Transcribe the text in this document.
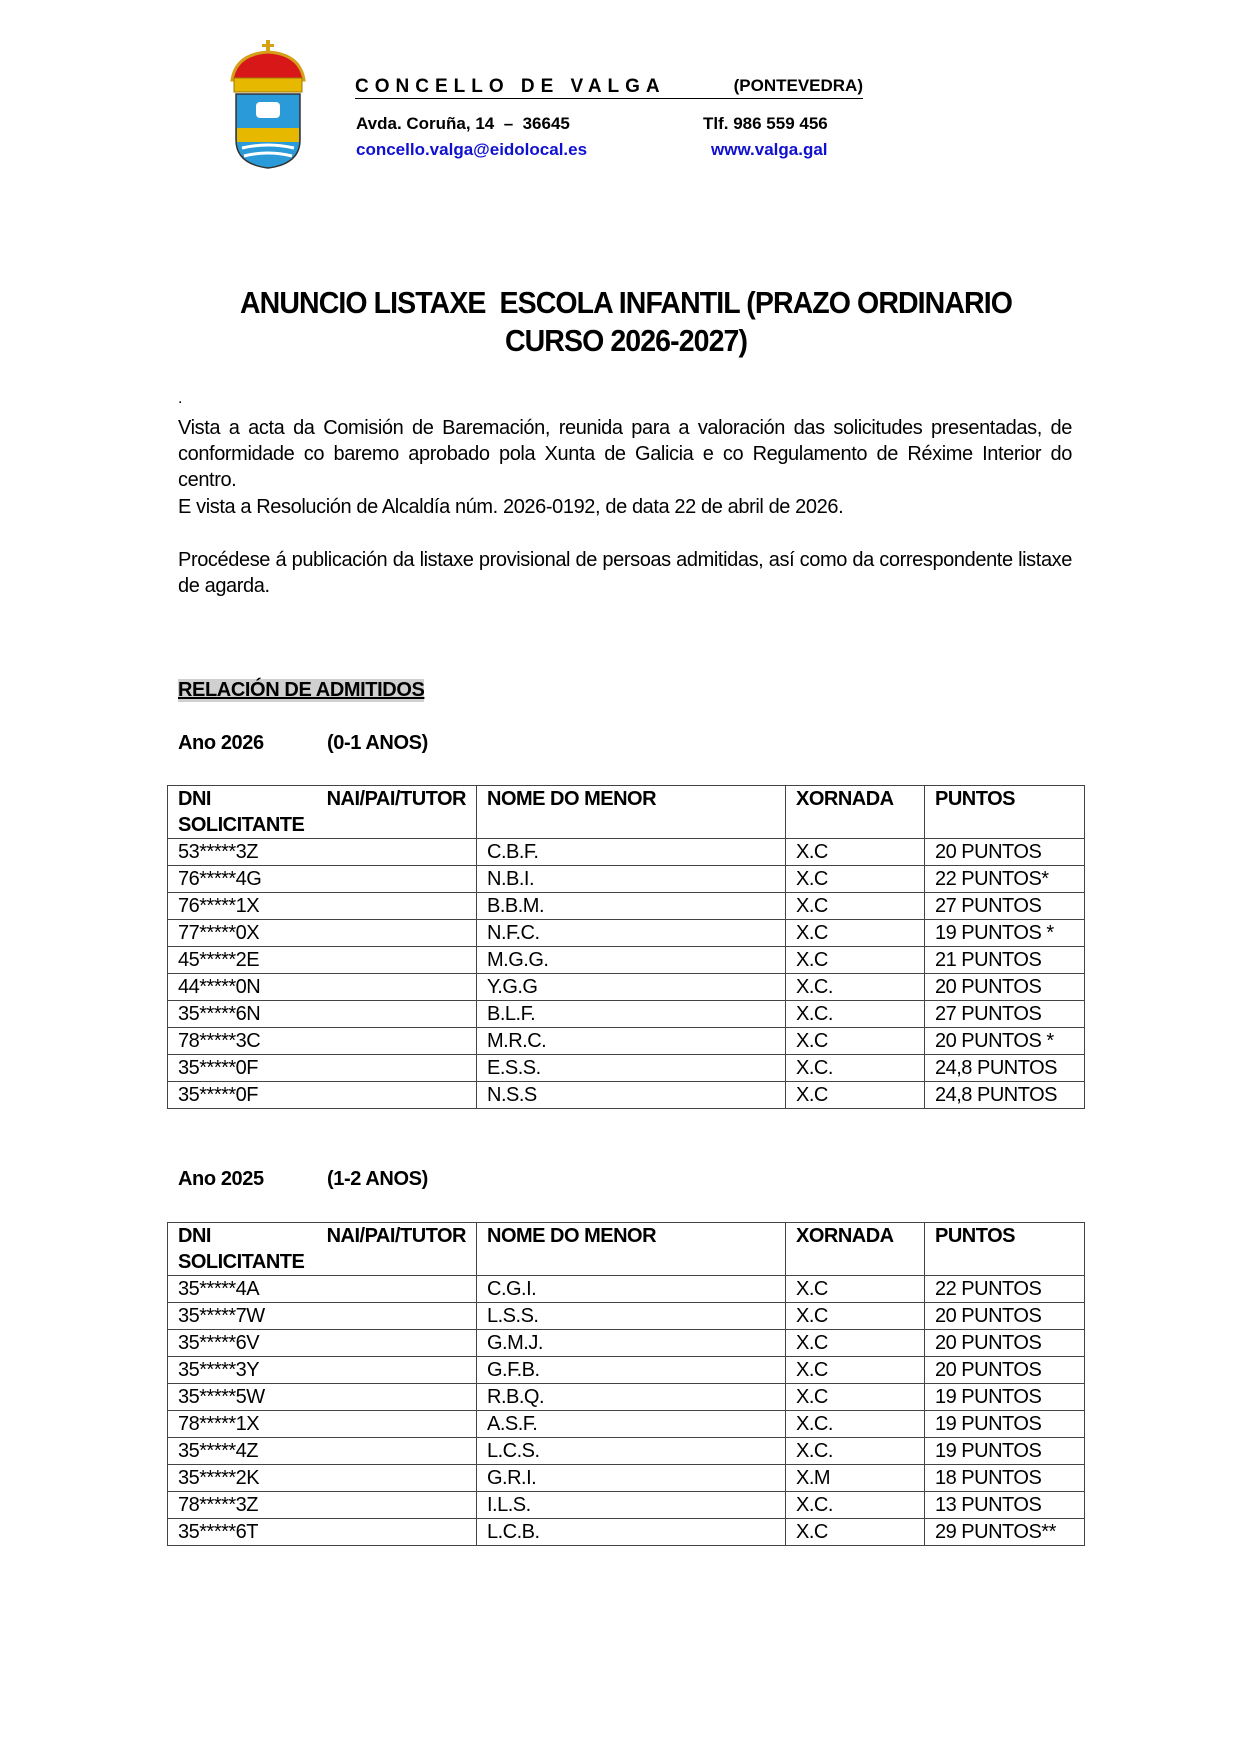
CONCELLO DE VALGA	(PONTEVEDRA)
Avda. Coruña, 14  –  36645	Tlf. 986 559 456
concello.valga@eidolocal.es	www.valga.gal
ANUNCIO LISTAXE  ESCOLA INFANTIL (PRAZO ORDINARIO
CURSO 2026-2027)
.
Vista a acta da Comisión de Baremación, reunida para a valoración das solicitudes presentadas, de conformidade co baremo aprobado pola Xunta de Galicia e co Regulamento de Réxime Interior do centro.
E vista a Resolución de Alcaldía núm. 2026-0192, de data 22 de abril de 2026.
Procédese á publicación da listaxe provisional de persoas admitidas, así como da correspondente listaxe de agarda.
RELACIÓN DE ADMITIDOS
Ano 2026	(0-1 ANOS)
DNI NAI/PAI/TUTOR
SOLICITANTE	NOME DO MENOR	XORNADA	PUNTOS
53*****3Z	C.B.F.	X.C	20 PUNTOS
76*****4G	N.B.I.	X.C	22 PUNTOS*
76*****1X	B.B.M.	X.C	27 PUNTOS
77*****0X	N.F.C.	X.C	19 PUNTOS *
45*****2E	M.G.G.	X.C	21 PUNTOS
44*****0N	Y.G.G	X.C.	20 PUNTOS
35*****6N	B.L.F.	X.C.	27 PUNTOS
78*****3C	M.R.C.	X.C	20 PUNTOS *
35*****0F	E.S.S.	X.C.	24,8 PUNTOS
35*****0F	N.S.S	X.C	24,8 PUNTOS
Ano 2025	(1-2 ANOS)
DNI NAI/PAI/TUTOR
SOLICITANTE	NOME DO MENOR	XORNADA	PUNTOS
35*****4A	C.G.I.	X.C	22 PUNTOS
35*****7W	L.S.S.	X.C	20 PUNTOS
35*****6V	G.M.J.	X.C	20 PUNTOS
35*****3Y	G.F.B.	X.C	20 PUNTOS
35*****5W	R.B.Q.	X.C	19 PUNTOS
78*****1X	A.S.F.	X.C.	19 PUNTOS
35*****4Z	L.C.S.	X.C.	19 PUNTOS
35*****2K	G.R.I.	X.M	18 PUNTOS
78*****3Z	I.L.S.	X.C.	13 PUNTOS
35*****6T	L.C.B.	X.C	29 PUNTOS**
